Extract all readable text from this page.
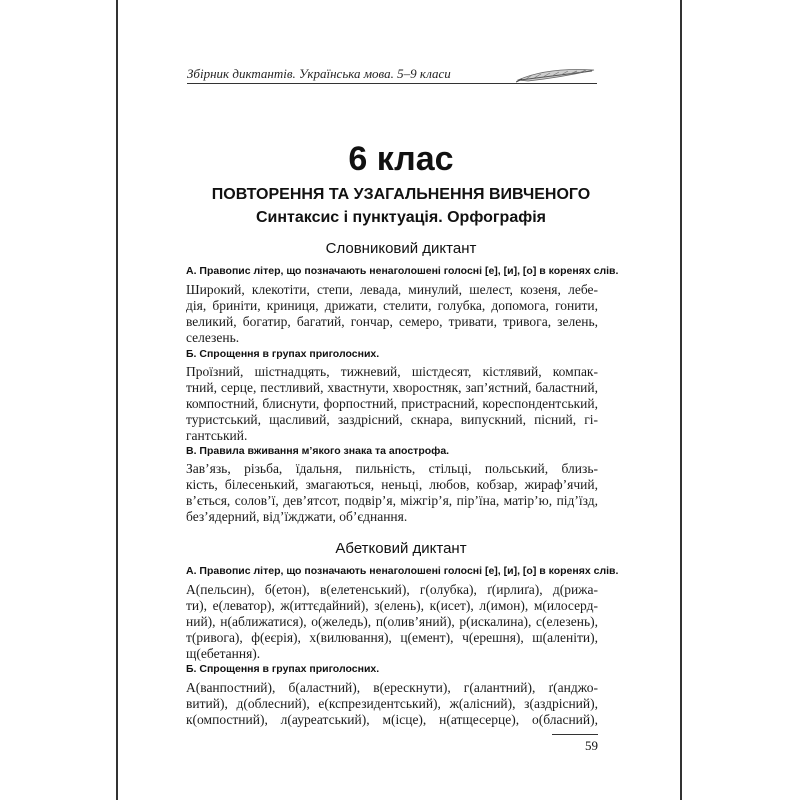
Збірник диктантів. Українська мова. 5–9 класи
6 клас
ПОВТОРЕННЯ ТА УЗАГАЛЬНЕННЯ ВИВЧЕНОГО
Синтаксис і пунктуація. Орфографія
Словниковий диктант
А. Правопис літер, що позначають ненаголошені голосні [е], [и], [о] в коренях слів.
Широкий, клекотіти, степи, левада, минулий, шелест, козеня, лебе-
дія, бриніти, криниця, дрижати, стелити, голубка, допомога, гонити,
великий, богатир, багатий, гончар, семеро, тривати, тривога, зелень,
селезень.
Б. Спрощення в групах приголосних.
Проїзний, шістнадцять, тижневий, шістдесят, кістлявий, компак-
тний, серце, пестливий, хвастнути, хворостняк, зап’ястний, баластний,
компостний, блиснути, форпостний, пристрасний, кореспондентський,
туристський, щасливий, заздрісний, скнара, випускний, пісний, гі-
гантський.
В. Правила вживання м’якого знака та апострофа.
Зав’язь, різьба, їдальня, пильність, стільці, польський, близь-
кість, білесенький, змагаються, неньці, любов, кобзар, жираф’ячий,
в’ється, солов’ї, дев’ятсот, подвір’я, міжгір’я, пір’їна, матір’ю, під’їзд,
без’ядерний, від’їжджати, об’єднання.
Абетковий диктант
А. Правопис літер, що позначають ненаголошені голосні [е], [и], [о] в коренях слів.
А(пельсин), б(етон), в(елетенський), г(олубка), ґ(ирлиґа), д(рижа-
ти), е(леватор), ж(иттєдайний), з(елень), к(исет), л(имон), м(илосерд-
ний), н(аближатися), о(желедь), п(олив’яний), р(искалина), с(елезень),
т(ривога), ф(еєрія), х(вилювання), ц(емент), ч(ерешня), ш(аленіти),
щ(ебетання).
Б. Спрощення в групах приголосних.
А(ванпостний), б(аластний), в(ерескнути), г(алантний), ґ(анджо-
витий), д(облесний), е(кспрезидентський), ж(алісний), з(аздрісний),
к(омпостний), л(ауреатський), м(ісце), н(атщесерце), о(бласний),
59
